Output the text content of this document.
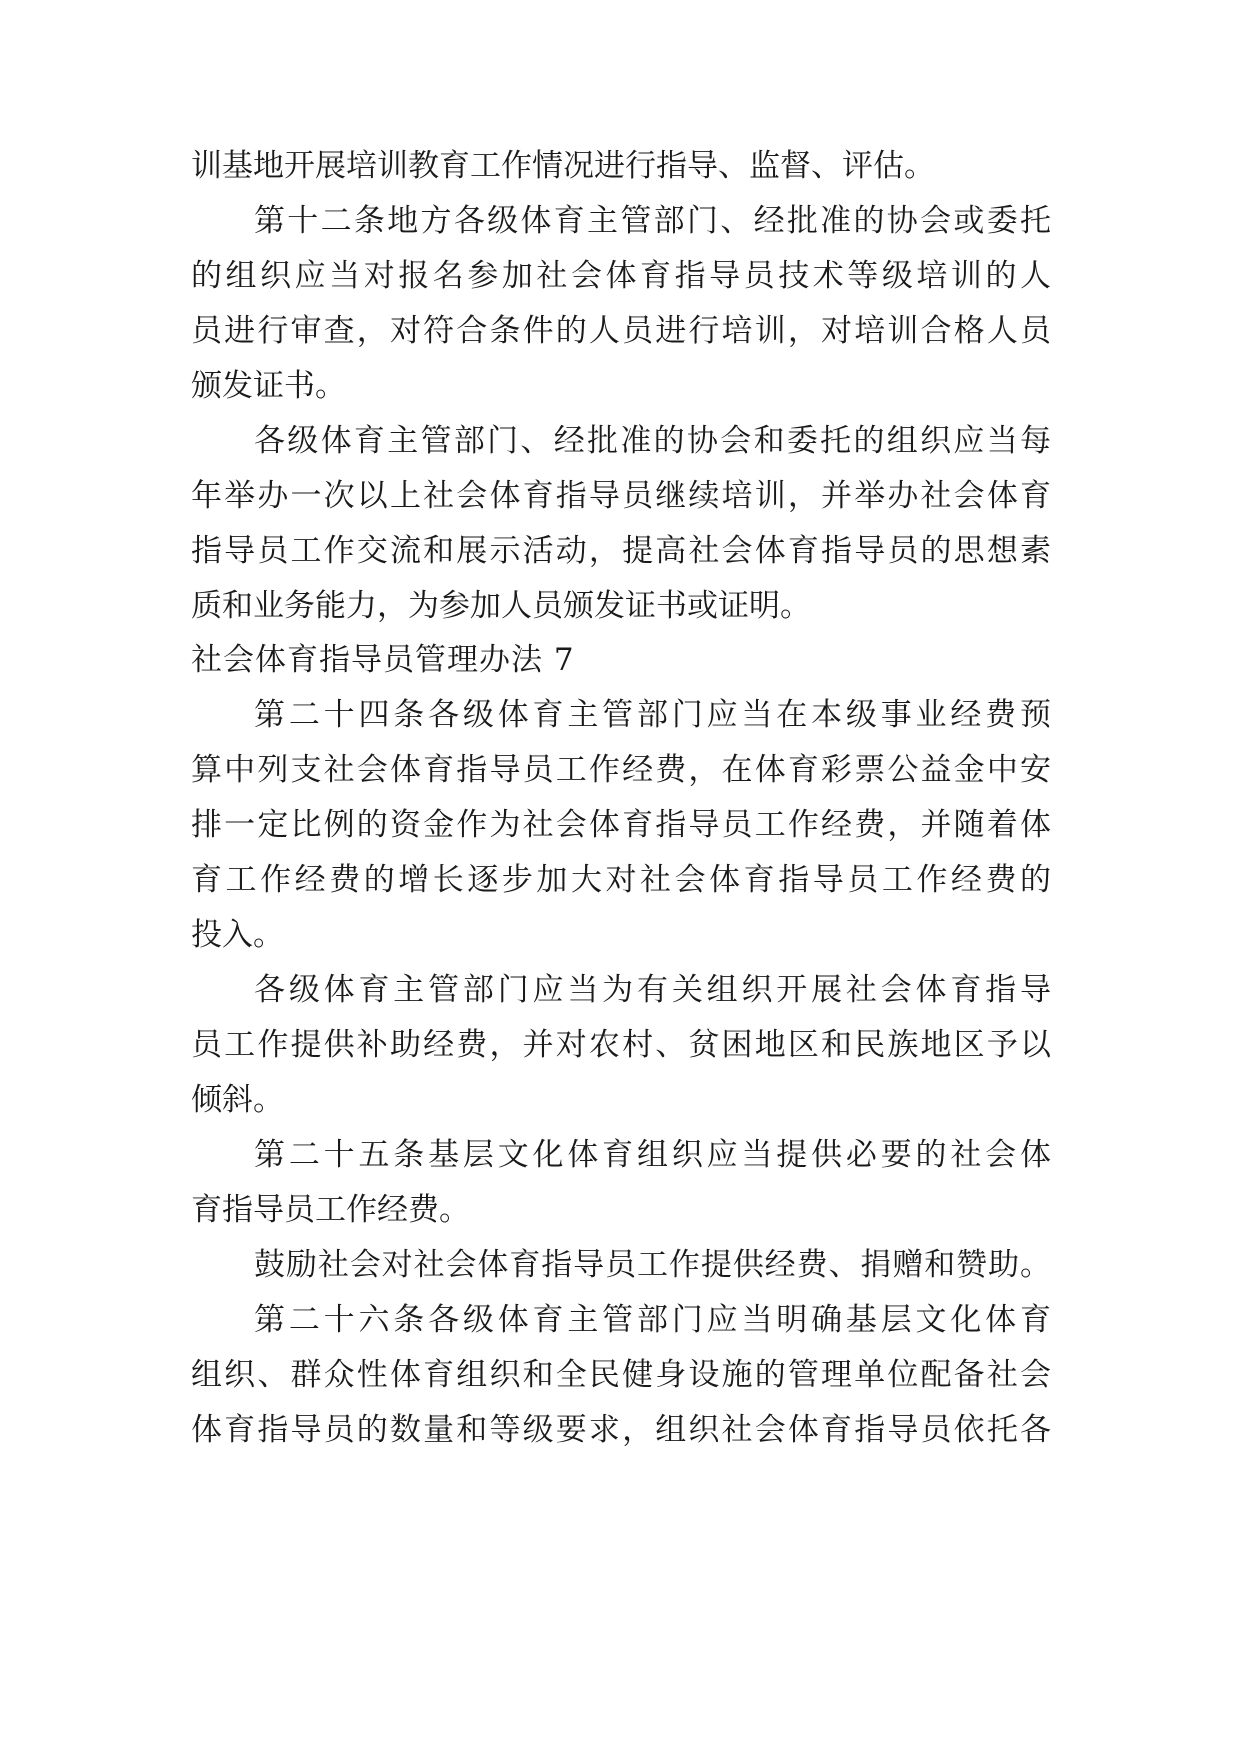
训基地开展培训教育工作情况进行指导、监督、评估。
第十二条地方各级体育主管部门、经批准的协会或委托
的组织应当对报名参加社会体育指导员技术等级培训的人
员进行审查，对符合条件的人员进行培训，对培训合格人员
颁发证书。
各级体育主管部门、经批准的协会和委托的组织应当每
年举办一次以上社会体育指导员继续培训，并举办社会体育
指导员工作交流和展示活动，提高社会体育指导员的思想素
质和业务能力，为参加人员颁发证书或证明。
社会体育指导员管理办法 7
第二十四条各级体育主管部门应当在本级事业经费预
算中列支社会体育指导员工作经费，在体育彩票公益金中安
排一定比例的资金作为社会体育指导员工作经费，并随着体
育工作经费的增长逐步加大对社会体育指导员工作经费的
投入。
各级体育主管部门应当为有关组织开展社会体育指导
员工作提供补助经费，并对农村、贫困地区和民族地区予以
倾斜。
第二十五条基层文化体育组织应当提供必要的社会体
育指导员工作经费。
鼓励社会对社会体育指导员工作提供经费、捐赠和赞助。
第二十六条各级体育主管部门应当明确基层文化体育
组织、群众性体育组织和全民健身设施的管理单位配备社会
体育指导员的数量和等级要求，组织社会体育指导员依托各
